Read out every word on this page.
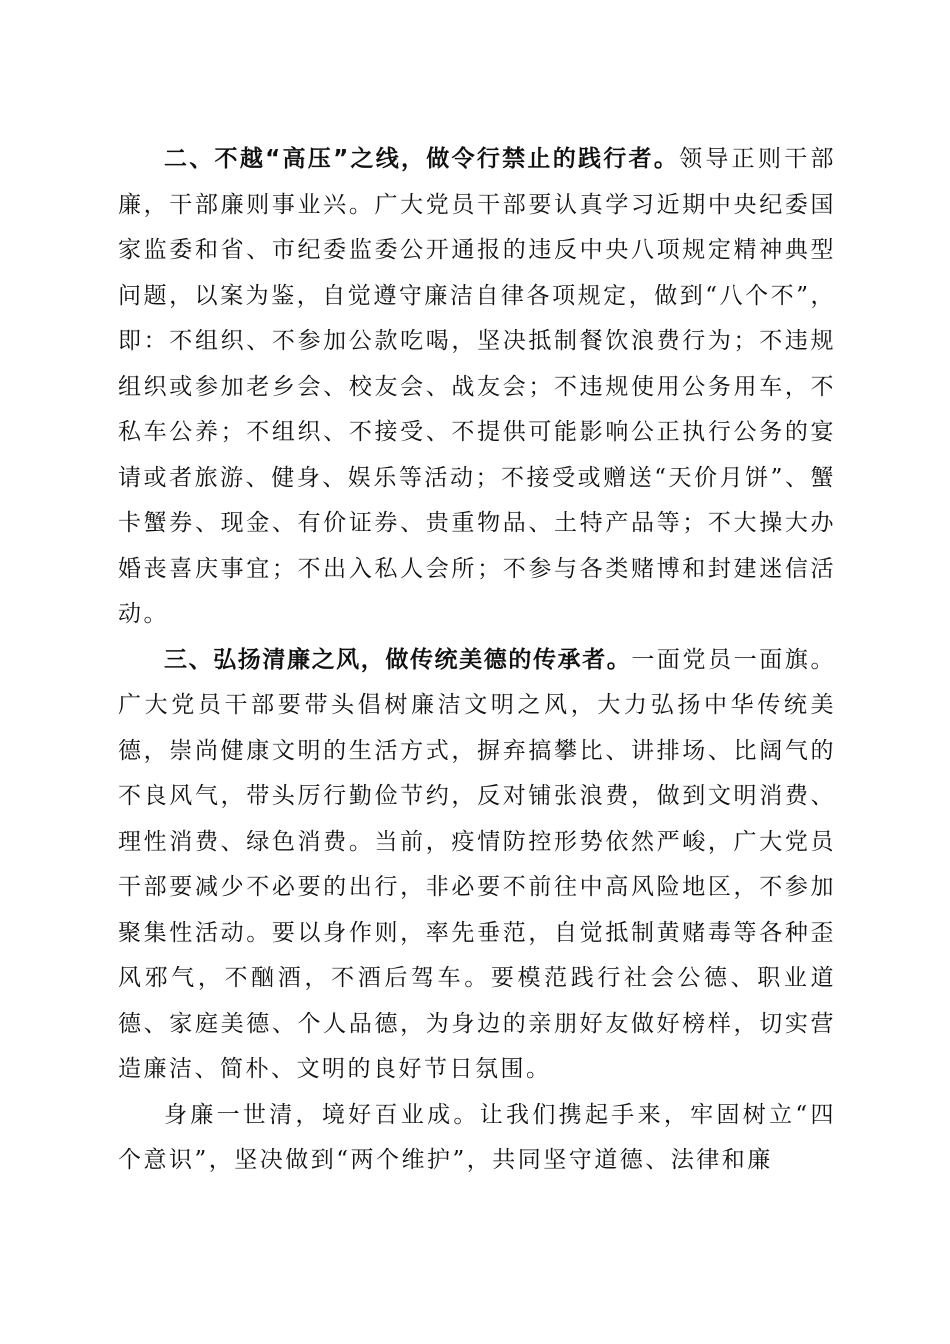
二、不越“高压”之线，做令行禁止的践行者。领导正则干部廉，干部廉则事业兴。广大党员干部要认真学习近期中央纪委国家监委和省、市纪委监委公开通报的违反中央八项规定精神典型问题，以案为鉴，自觉遵守廉洁自律各项规定，做到“八个不”，即：不组织、不参加公款吃喝，坚决抵制餐饮浪费行为；不违规组织或参加老乡会、校友会、战友会；不违规使用公务用车，不私车公养；不组织、不接受、不提供可能影响公正执行公务的宴请或者旅游、健身、娱乐等活动；不接受或赠送“天价月饼”、蟹卡蟹券、现金、有价证券、贵重物品、土特产品等；不大操大办婚丧喜庆事宜；不出入私人会所；不参与各类赌博和封建迷信活动。

三、弘扬清廉之风，做传统美德的传承者。一面党员一面旗。广大党员干部要带头倡树廉洁文明之风，大力弘扬中华传统美德，崇尚健康文明的生活方式，摒弃搞攀比、讲排场、比阔气的不良风气，带头厉行勤俭节约，反对铺张浪费，做到文明消费、理性消费、绿色消费。当前，疫情防控形势依然严峻，广大党员干部要减少不必要的出行，非必要不前往中高风险地区，不参加聚集性活动。要以身作则，率先垂范，自觉抵制黄赌毒等各种歪风邪气，不酗酒，不酒后驾车。要模范践行社会公德、职业道德、家庭美德、个人品德，为身边的亲朋好友做好榜样，切实营造廉洁、简朴、文明的良好节日氛围。

身廉一世清，境好百业成。让我们携起手来，牢固树立“四个意识”，坚决做到“两个维护”，共同坚守道德、法律和廉
